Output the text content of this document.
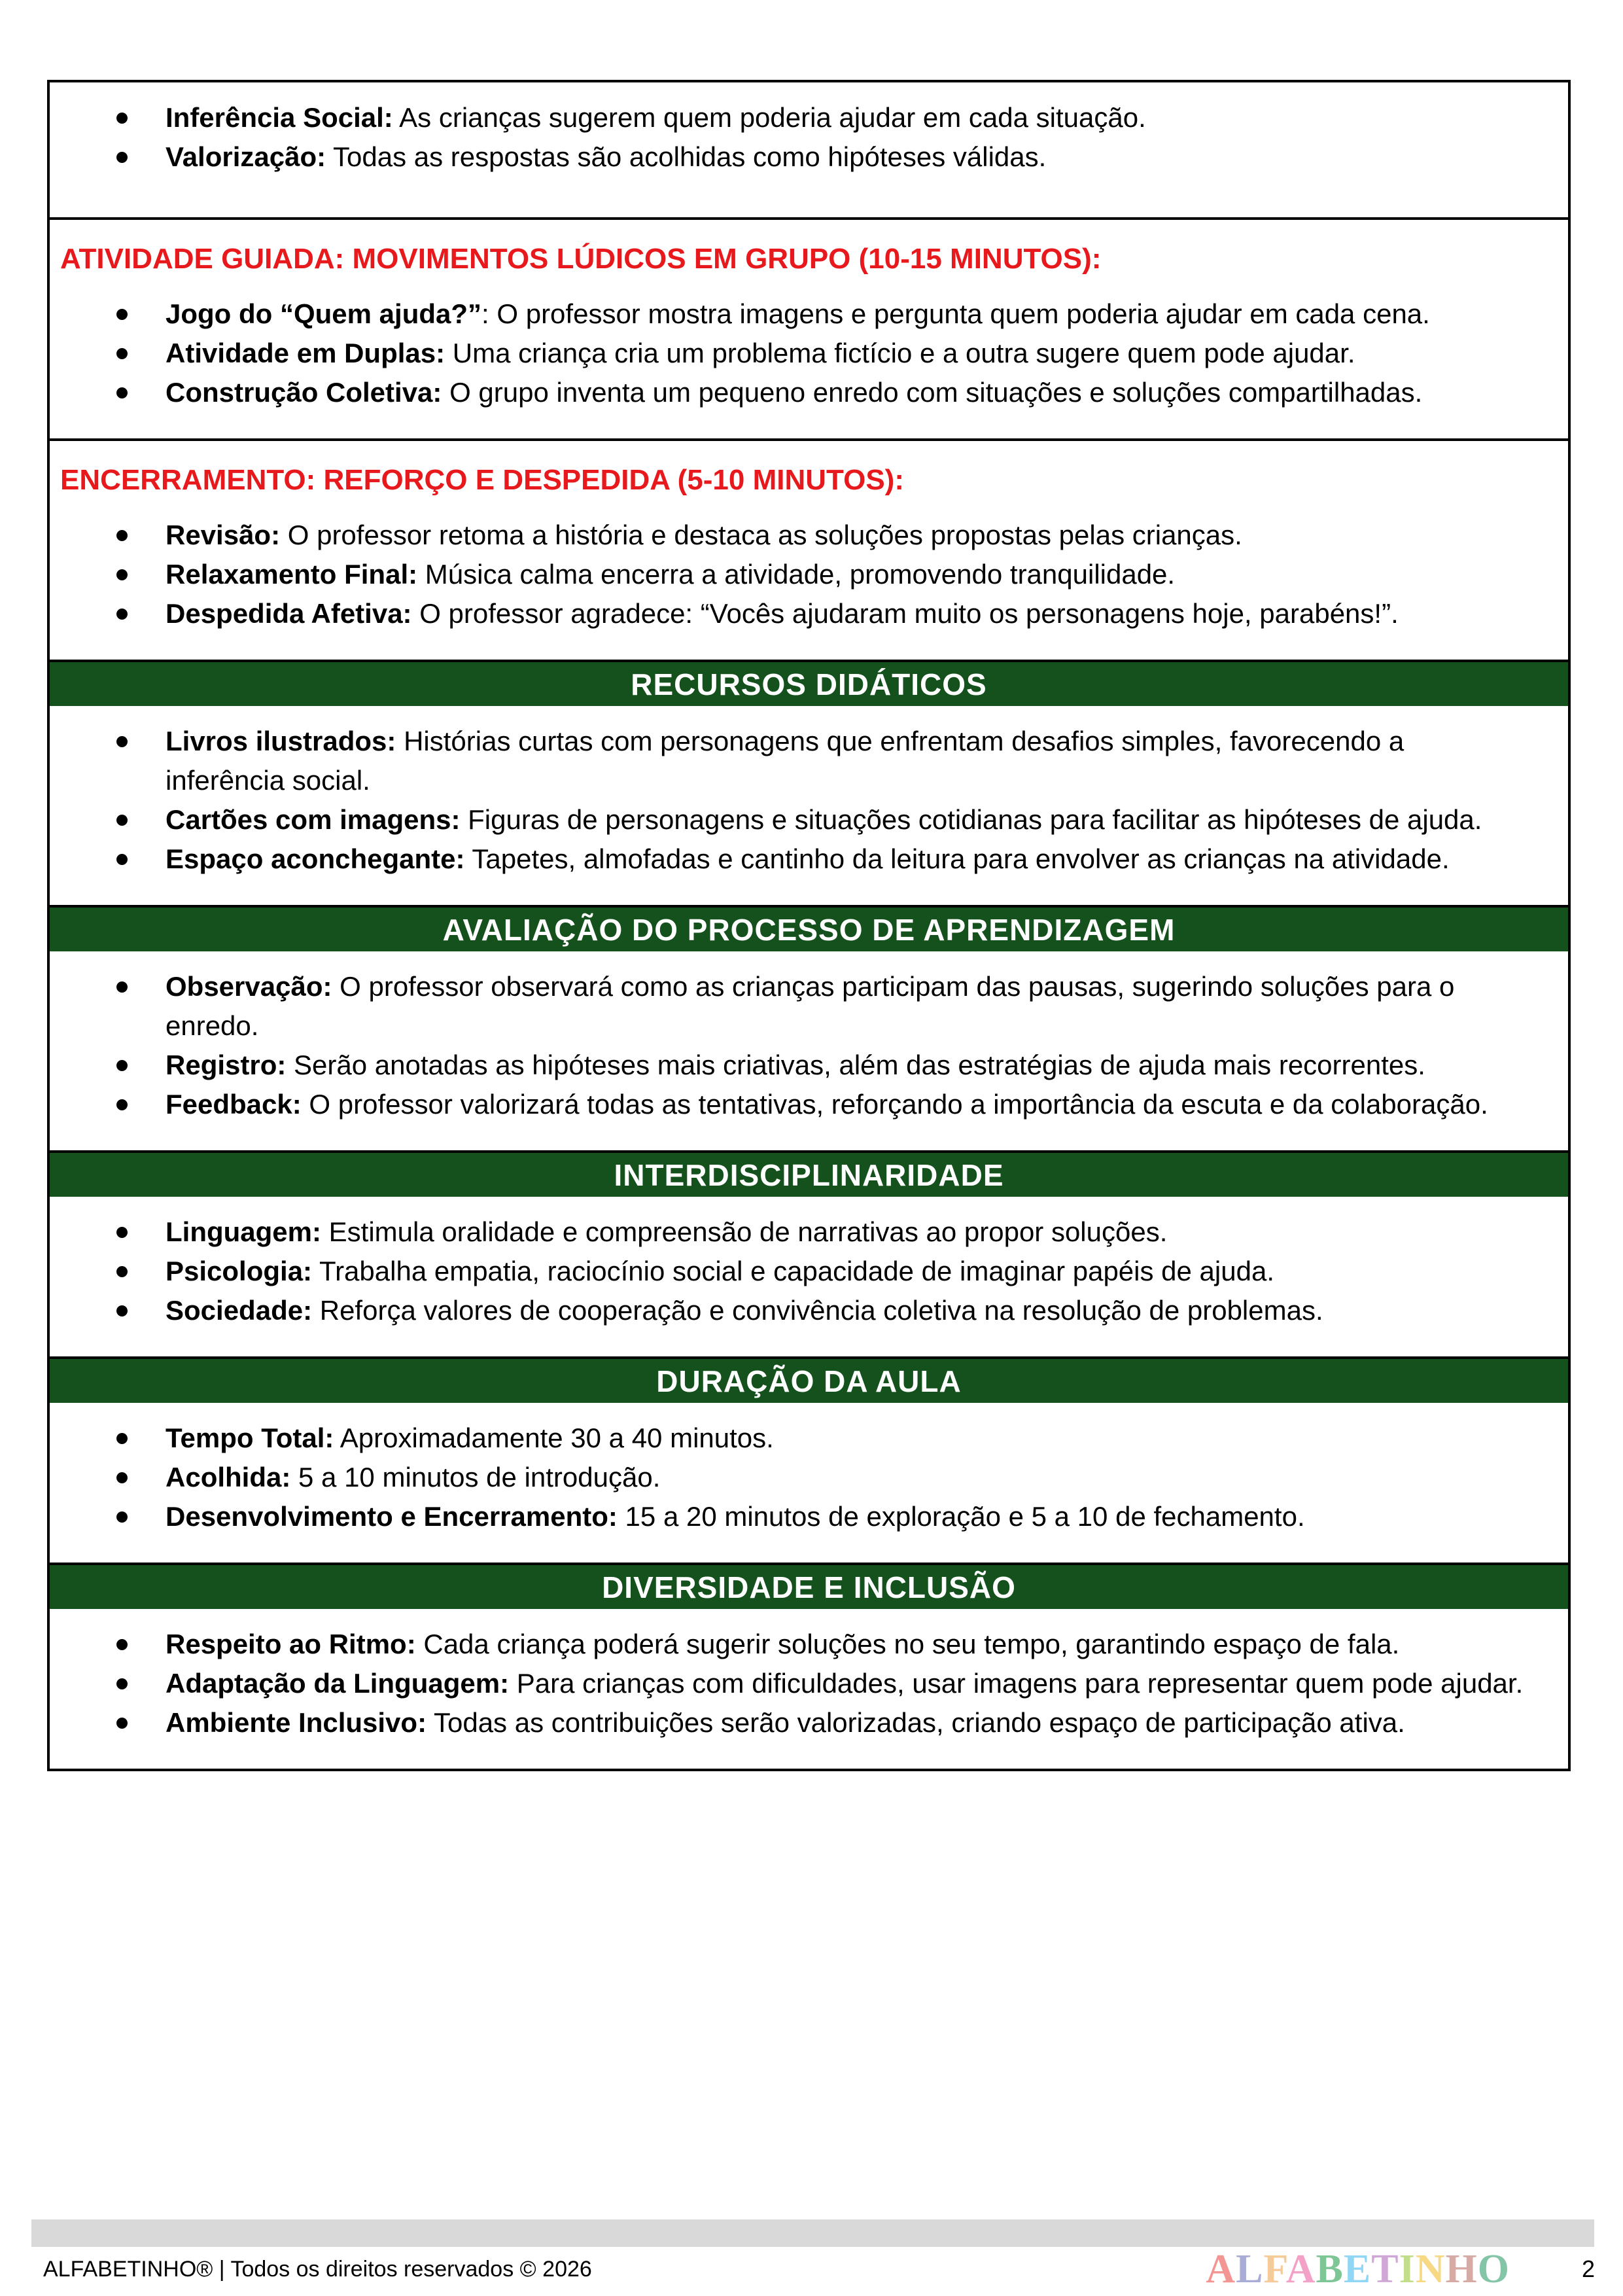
Inferência Social: As crianças sugerem quem poderia ajudar em cada situação.
Valorização: Todas as respostas são acolhidas como hipóteses válidas.
ATIVIDADE GUIADA: MOVIMENTOS LÚDICOS EM GRUPO (10-15 MINUTOS):
Jogo do “Quem ajuda?”: O professor mostra imagens e pergunta quem poderia ajudar em cada cena.
Atividade em Duplas: Uma criança cria um problema fictício e a outra sugere quem pode ajudar.
Construção Coletiva: O grupo inventa um pequeno enredo com situações e soluções compartilhadas.
ENCERRAMENTO: REFORÇO E DESPEDIDA (5-10 MINUTOS):
Revisão: O professor retoma a história e destaca as soluções propostas pelas crianças.
Relaxamento Final: Música calma encerra a atividade, promovendo tranquilidade.
Despedida Afetiva: O professor agradece: “Vocês ajudaram muito os personagens hoje, parabéns!”.
RECURSOS DIDÁTICOS
Livros ilustrados: Histórias curtas com personagens que enfrentam desafios simples, favorecendo a inferência social.
Cartões com imagens: Figuras de personagens e situações cotidianas para facilitar as hipóteses de ajuda.
Espaço aconchegante: Tapetes, almofadas e cantinho da leitura para envolver as crianças na atividade.
AVALIAÇÃO DO PROCESSO DE APRENDIZAGEM
Observação: O professor observará como as crianças participam das pausas, sugerindo soluções para o enredo.
Registro: Serão anotadas as hipóteses mais criativas, além das estratégias de ajuda mais recorrentes.
Feedback: O professor valorizará todas as tentativas, reforçando a importância da escuta e da colaboração.
INTERDISCIPLINARIDADE
Linguagem: Estimula oralidade e compreensão de narrativas ao propor soluções.
Psicologia: Trabalha empatia, raciocínio social e capacidade de imaginar papéis de ajuda.
Sociedade: Reforça valores de cooperação e convivência coletiva na resolução de problemas.
DURAÇÃO DA AULA
Tempo Total: Aproximadamente 30 a 40 minutos.
Acolhida: 5 a 10 minutos de introdução.
Desenvolvimento e Encerramento: 15 a 20 minutos de exploração e 5 a 10 de fechamento.
DIVERSIDADE E INCLUSÃO
Respeito ao Ritmo: Cada criança poderá sugerir soluções no seu tempo, garantindo espaço de fala.
Adaptação da Linguagem: Para crianças com dificuldades, usar imagens para representar quem pode ajudar.
Ambiente Inclusivo: Todas as contribuições serão valorizadas, criando espaço de participação ativa.
ALFABETINHO® | Todos os direitos reservados © 2026	ALFABETINHO	2
